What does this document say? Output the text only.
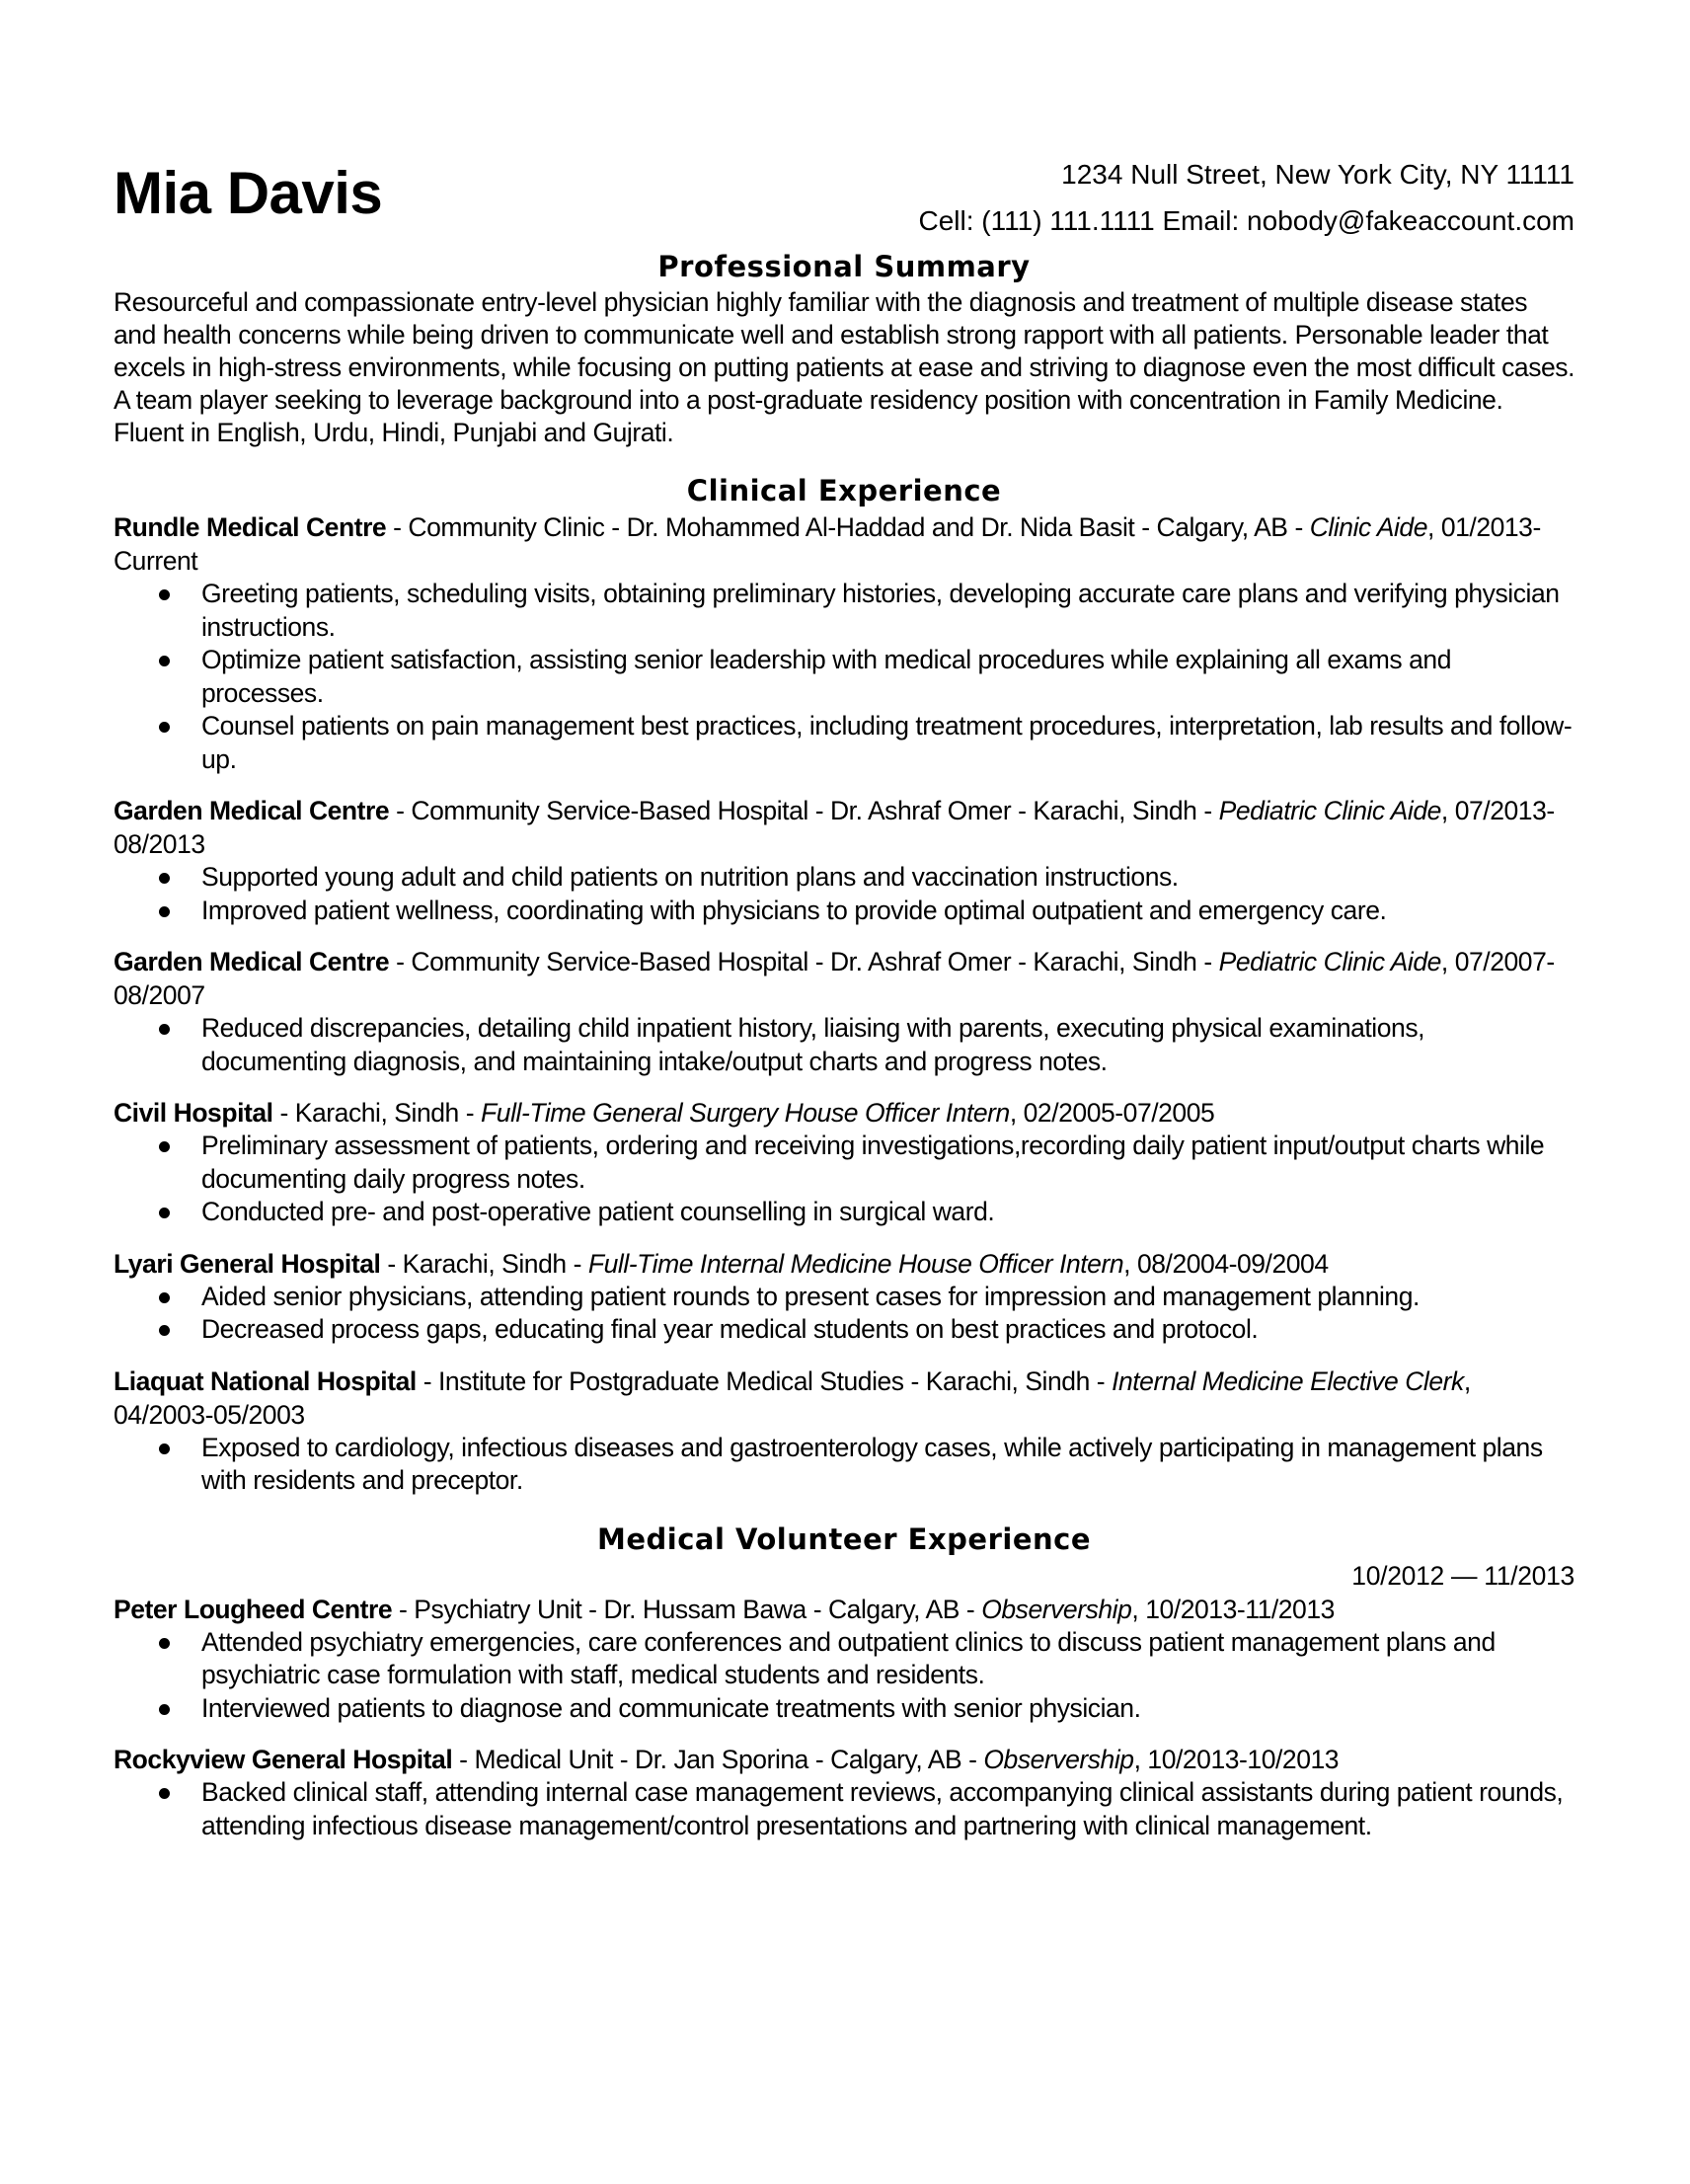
Mia Davis	1234 Null Street, New York City, NY 11111
Cell: (111) 111.1111 Email: nobody@fakeaccount.com
Professional Summary

Resourceful and compassionate entry-level physician highly familiar with the diagnosis and treatment of multiple disease states and health concerns while being driven to communicate well and establish strong rapport with all patients. Personable leader that excels in high-stress environments, while focusing on putting patients at ease and striving to diagnose even the most difficult cases. A team player seeking to leverage background into a post-graduate residency position with concentration in Family Medicine. Fluent in English, Urdu, Hindi, Punjabi and Gujrati.

Clinical Experience
Rundle Medical Centre - Community Clinic - Dr. Mohammed Al-Haddad and Dr. Nida Basit - Calgary, AB - Clinic Aide, 01/2013-Current
Greeting patients, scheduling visits, obtaining preliminary histories, developing accurate care plans and verifying physician instructions.
Optimize patient satisfaction, assisting senior leadership with medical procedures while explaining all exams and processes.
Counsel patients on pain management best practices, including treatment procedures, interpretation, lab results and follow-up.
Garden Medical Centre - Community Service-Based Hospital - Dr. Ashraf Omer - Karachi, Sindh - Pediatric Clinic Aide, 07/2013-08/2013
Supported young adult and child patients on nutrition plans and vaccination instructions.
Improved patient wellness, coordinating with physicians to provide optimal outpatient and emergency care.
Garden Medical Centre - Community Service-Based Hospital - Dr. Ashraf Omer - Karachi, Sindh - Pediatric Clinic Aide, 07/2007-08/2007
Reduced discrepancies, detailing child inpatient history, liaising with parents, executing physical examinations, documenting diagnosis, and maintaining intake/output charts and progress notes.
Civil Hospital - Karachi, Sindh - Full-Time General Surgery House Officer Intern, 02/2005-07/2005
Preliminary assessment of patients, ordering and receiving investigations,recording daily patient input/output charts while documenting daily progress notes.
Conducted pre- and post-operative patient counselling in surgical ward.
Lyari General Hospital - Karachi, Sindh - Full-Time Internal Medicine House Officer Intern, 08/2004-09/2004
Aided senior physicians, attending patient rounds to present cases for impression and management planning.
Decreased process gaps, educating final year medical students on best practices and protocol.
Liaquat National Hospital - Institute for Postgraduate Medical Studies - Karachi, Sindh - Internal Medicine Elective Clerk, 04/2003-05/2003
Exposed to cardiology, infectious diseases and gastroenterology cases, while actively participating in management plans with residents and preceptor.
Medical Volunteer Experience
10/2012 — 11/2013
Peter Lougheed Centre - Psychiatry Unit - Dr. Hussam Bawa - Calgary, AB - Observership, 10/2013-11/2013
Attended psychiatry emergencies, care conferences and outpatient clinics to discuss patient management plans and psychiatric case formulation with staff, medical students and residents.
Interviewed patients to diagnose and communicate treatments with senior physician.
Rockyview General Hospital - Medical Unit - Dr. Jan Sporina - Calgary, AB - Observership, 10/2013-10/2013
Backed clinical staff, attending internal case management reviews, accompanying clinical assistants during patient rounds, attending infectious disease management/control presentations and partnering with clinical management.
